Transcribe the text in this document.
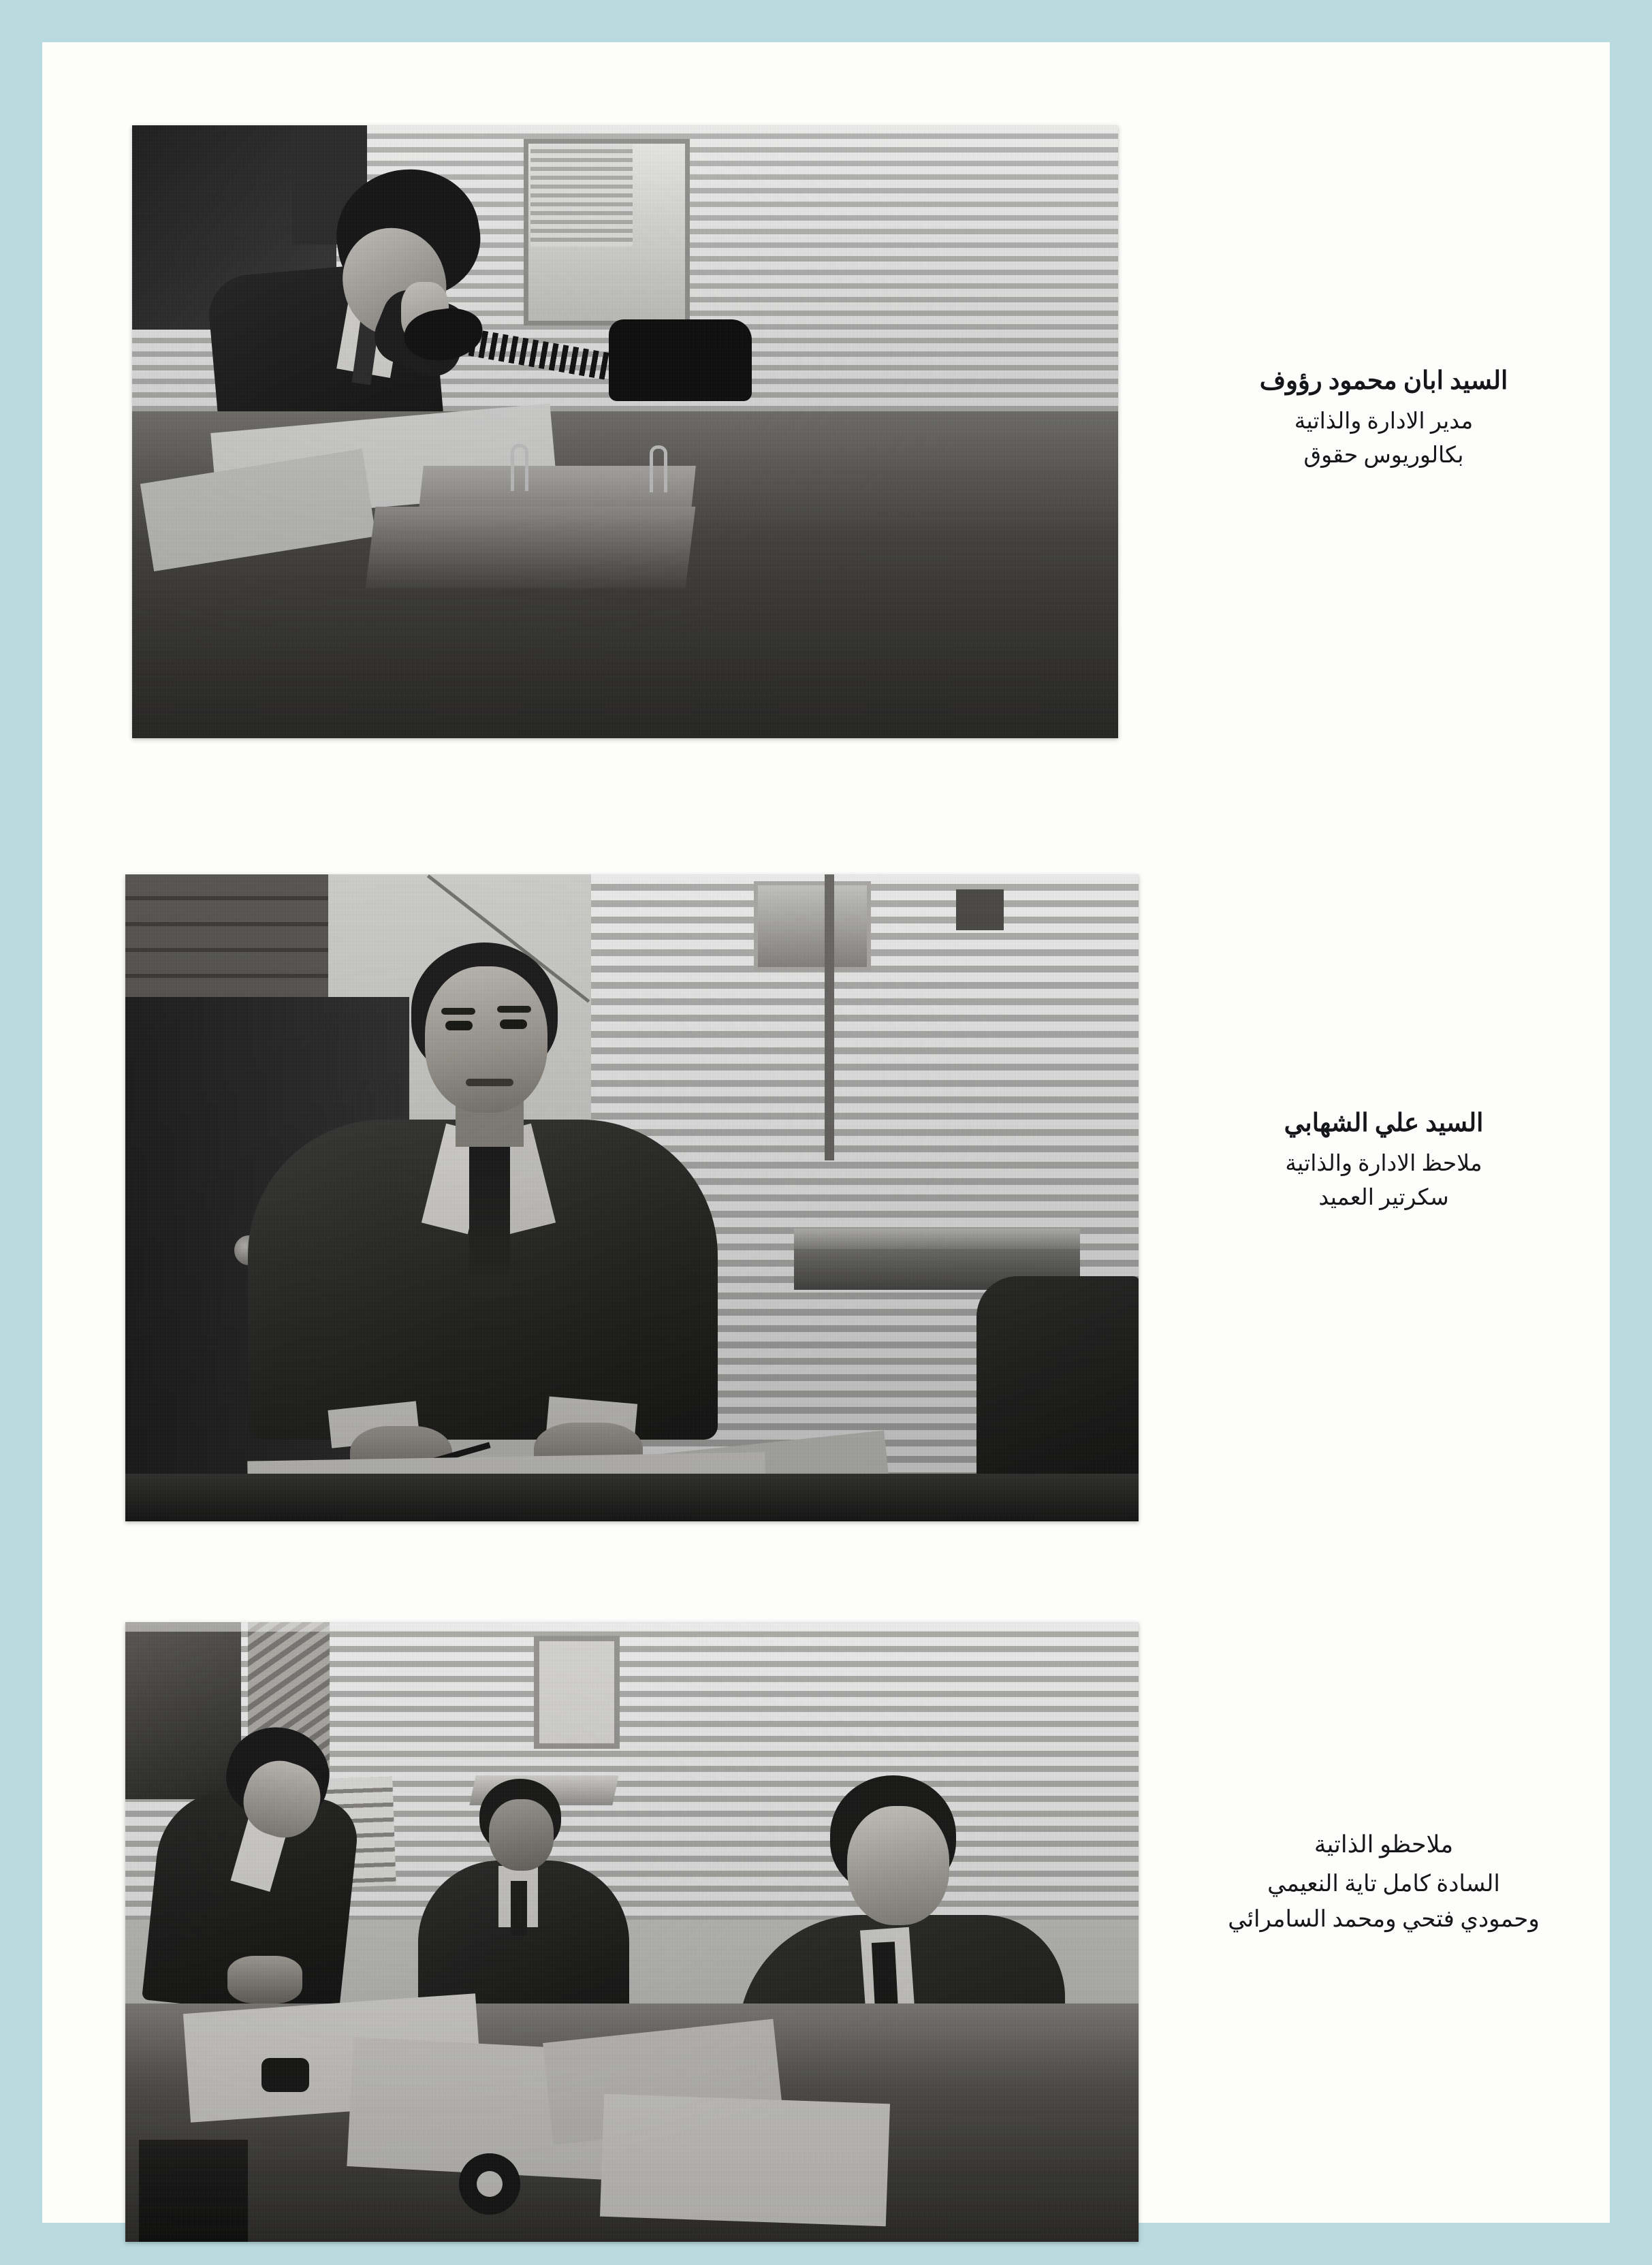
السيد ابان محمود رؤوف
مدير الادارة والذاتية
بكالوريوس حقوق
السيد علي الشهابي
ملاحظ الادارة والذاتية
سكرتير العميد
ملاحظو الذاتية
السادة كامل تاية النعيمي
وحمودي فتحي ومحمد السامرائي
